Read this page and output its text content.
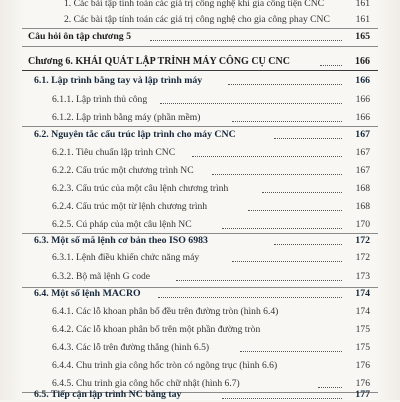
1. Các bài tập tính toán các giá trị công nghệ khi gia công tiện CNC	161
2. Các bài tập tính toán các giá trị công nghệ cho gia công phay CNC	161
Câu hỏi ôn tập chương 5	165
Chương 6. KHÁI QUÁT LẬP TRÌNH MÁY CÔNG CỤ CNC	166
6.1. Lập trình bằng tay và lập trình máy	166
6.1.1. Lập trình thủ công	166
6.1.2. Lập trình bằng máy (phần mềm)	166
6.2. Nguyên tắc cấu trúc lập trình cho máy CNC	167
6.2.1. Tiêu chuẩn lập trình CNC	167
6.2.2. Cấu trúc một chương trình NC	167
6.2.3. Cấu trúc của một câu lệnh chương trình	168
6.2.4. Cấu trúc một từ lệnh chương trình	168
6.2.5. Cú pháp của một câu lệnh NC	170
6.3. Một số mã lệnh cơ bản theo ISO 6983	172
6.3.1. Lệnh điều khiển chức năng máy	172
6.3.2. Bộ mã lệnh G code	173
6.4. Một số lệnh MACRO	174
6.4.1. Các lỗ khoan phân bố đều trên đường tròn (hình 6.4)	174
6.4.2. Các lỗ khoan phân bố trên một phần đường tròn	175
6.4.3. Các lỗ trên đường thẳng (hình 6.5)	175
6.4.4. Chu trình gia công hốc tròn có ngõng trục (hình 6.6)	176
6.4.5. Chu trình gia công hốc chữ nhật (hình 6.7)	176
6.5. Tiếp cận lập trình NC bằng tay	177
